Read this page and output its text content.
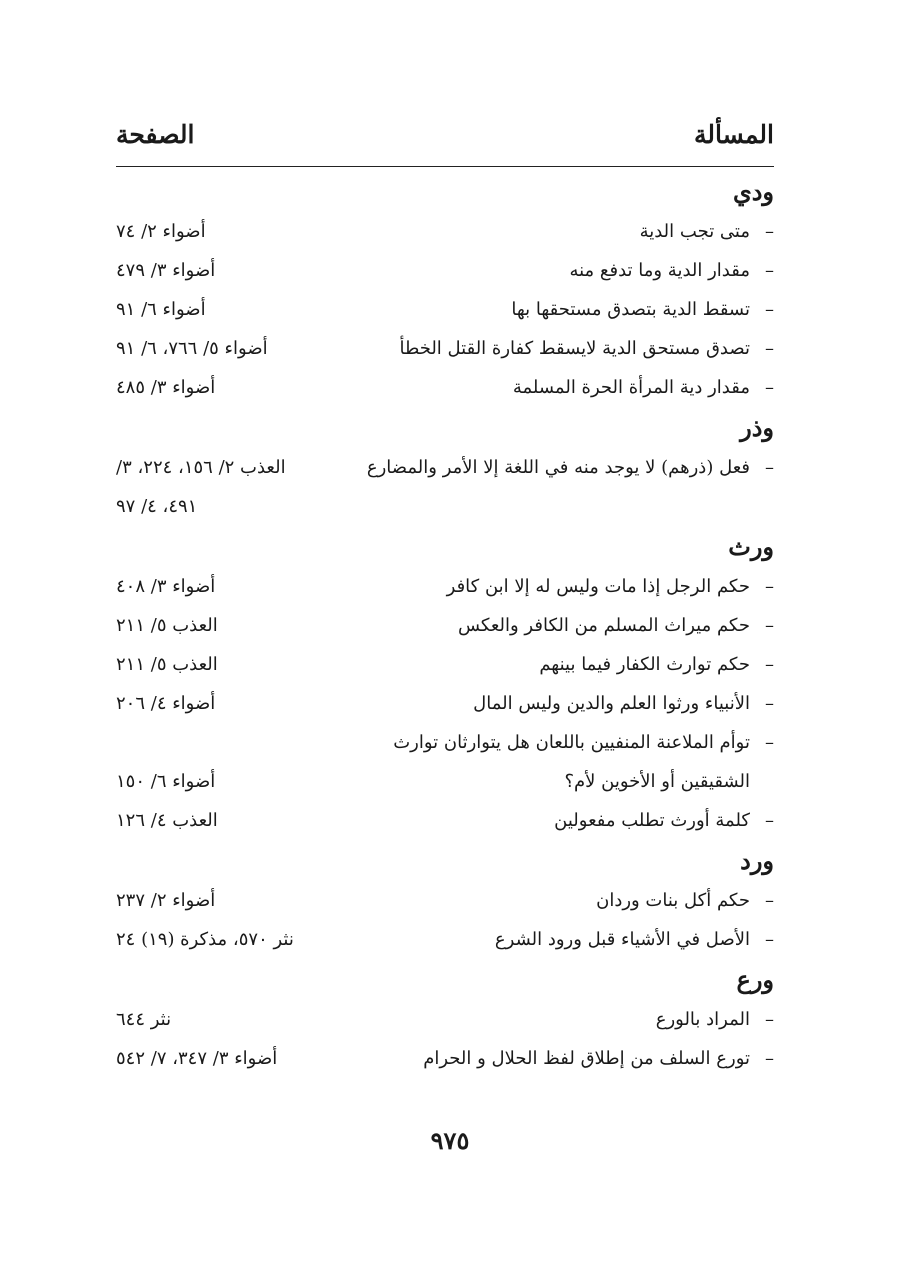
المسألة
الصفحة
ودي
–
متى تجب الدية
أضواء ٢/ ٧٤
–
مقدار الدية وما تدفع منه
أضواء ٣/ ٤٧٩
–
تسقط الدية بتصدق مستحقها بها
أضواء ٦/ ٩١
–
تصدق مستحق الدية لايسقط كفارة القتل الخطأ
أضواء ٥/ ٧٦٦، ٦/ ٩١
–
مقدار دية المرأة الحرة المسلمة
أضواء ٣/ ٤٨٥
وذر
–
فعل (ذرهم) لا يوجد منه في اللغة إلا الأمر والمضارع
العذب ٢/ ١٥٦، ٢٢٤، ٣/
٤٩١، ٤/ ٩٧
ورث
–
حكم الرجل إذا مات وليس له إلا ابن كافر
أضواء ٣/ ٤٠٨
–
حكم ميراث المسلم من الكافر والعكس
العذب ٥/ ٢١١
–
حكم توارث الكفار فيما بينهم
العذب ٥/ ٢١١
–
الأنبياء ورثوا العلم والدين وليس المال
أضواء ٤/ ٢٠٦
–
توأم الملاعنة المنفيين باللعان هل يتوارثان توارث
الشقيقين أو الأخوين لأم؟
أضواء ٦/ ١٥٠
–
كلمة أورث تطلب مفعولين
العذب ٤/ ١٢٦
ورد
–
حكم أكل بنات وردان
أضواء ٢/ ٢٣٧
–
الأصل في الأشياء قبل ورود الشرع
نثر ٥٧٠، مذكرة (١٩) ٢٤
ورع
–
المراد بالورع
نثر ٦٤٤
–
تورع السلف من إطلاق لفظ الحلال و الحرام
أضواء ٣/ ٣٤٧، ٧/ ٥٤٢
٩٧٥
